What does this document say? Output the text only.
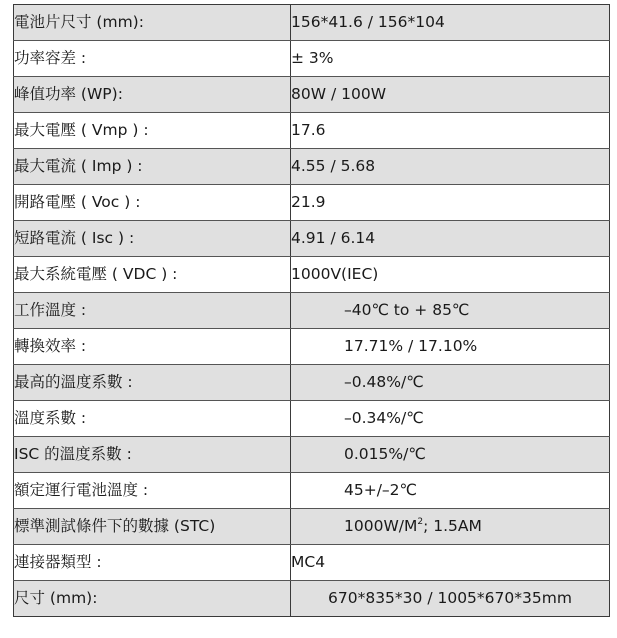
電池片尺寸 (mm):	156*41.6 / 156*104
功率容差 :	± 3%
峰值功率 (WP):	80W / 100W
最大電壓 ( Vmp ) :	17.6
最大電流 ( Imp ) :	4.55 / 5.68
開路電壓 ( Voc ) :	21.9
短路電流 ( Isc ) :	4.91 / 6.14
最大系統電壓 ( VDC ) :	1000V(IEC)
工作溫度 :	–40℃ to + 85℃
轉換效率 :	17.71% / 17.10%
最高的溫度系數 :	–0.48%/℃
溫度系數 :	–0.34%/℃
ISC 的溫度系數 :	0.015%/℃
額定運行電池溫度 :	45+/–2℃
標準測試條件下的數據 (STC)	$1000W/M^2$; 1.5AM
連接器類型 :	MC4
尺寸 (mm):	670*835*30 / 1005*670*35mm
